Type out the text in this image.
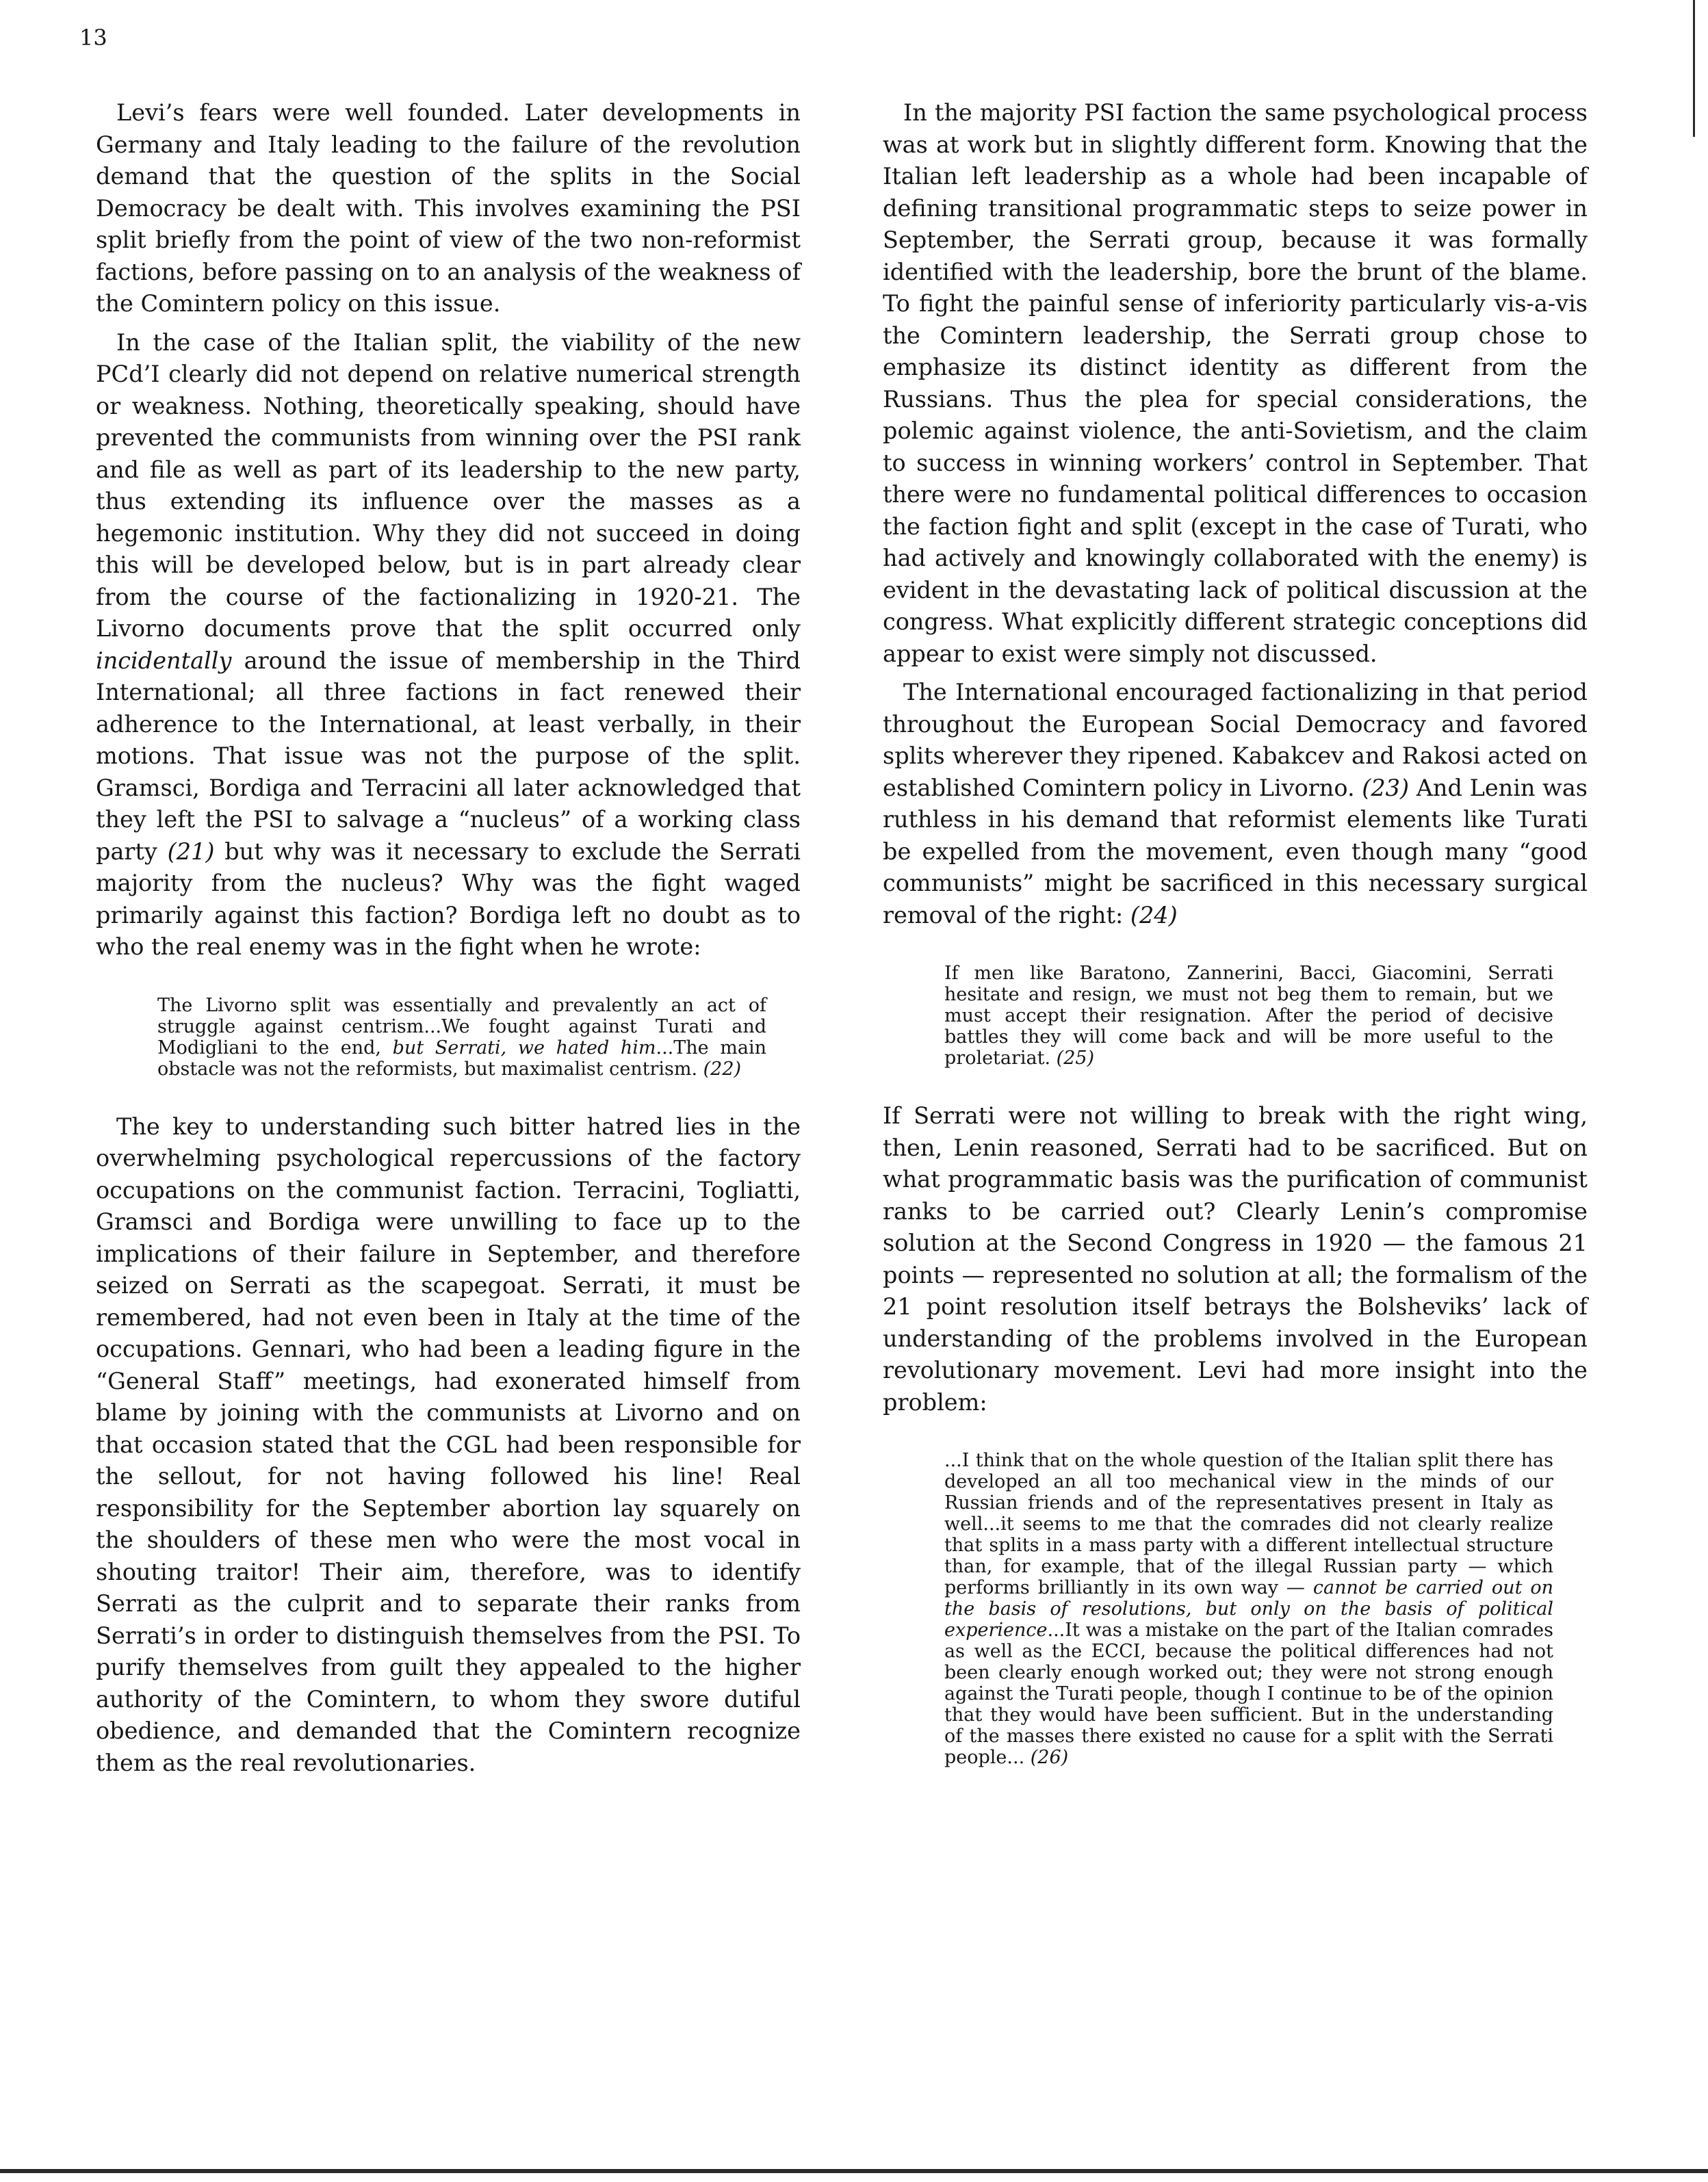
13

Levi’s fears were well founded. Later developments in Germany and Italy leading to the failure of the revolution demand that the question of the splits in the Social Democracy be dealt with. This involves examining the PSI split briefly from the point of view of the two non-reformist factions, before passing on to an analysis of the weakness of the Comintern policy on this issue.

In the case of the Italian split, the viability of the new PCd’I clearly did not depend on relative numerical strength or weakness. Nothing, theoretically speaking, should have prevented the communists from winning over the PSI rank and file as well as part of its leadership to the new party, thus extending its influence over the masses as a hegemonic institution. Why they did not succeed in doing this will be developed below, but is in part already clear from the course of the factionalizing in 1920-21. The Livorno documents prove that the split occurred only incidentally around the issue of membership in the Third International; all three factions in fact renewed their adherence to the International, at least verbally, in their motions. That issue was not the purpose of the split. Gramsci, Bordiga and Terracini all later acknowledged that they left the PSI to salvage a “nucleus” of a working class party (21) but why was it necessary to exclude the Serrati majority from the nucleus? Why was the fight waged primarily against this faction? Bordiga left no doubt as to who the real enemy was in the fight when he wrote:

The Livorno split was essentially and prevalently an act of struggle against centrism...We fought against Turati and Modigliani to the end, but Serrati, we hated him...The main obstacle was not the reformists, but maximalist centrism. (22)

The key to understanding such bitter hatred lies in the overwhelming psychological repercussions of the factory occupations on the communist faction. Terracini, Togliatti, Gramsci and Bordiga were unwilling to face up to the implications of their failure in September, and therefore seized on Serrati as the scapegoat. Serrati, it must be remembered, had not even been in Italy at the time of the occupations. Gennari, who had been a leading figure in the “General Staff” meetings, had exonerated himself from blame by joining with the communists at Livorno and on that occasion stated that the CGL had been responsible for the sellout, for not having followed his line! Real responsibility for the September abortion lay squarely on the shoulders of these men who were the most vocal in shouting traitor! Their aim, therefore, was to identify Serrati as the culprit and to separate their ranks from Serrati’s in order to distinguish themselves from the PSI. To purify themselves from guilt they appealed to the higher authority of the Comintern, to whom they swore dutiful obedience, and demanded that the Comintern recognize them as the real revolutionaries.

In the majority PSI faction the same psychological process was at work but in slightly different form. Knowing that the Italian left leadership as a whole had been incapable of defining transitional programmatic steps to seize power in September, the Serrati group, because it was formally identified with the leadership, bore the brunt of the blame. To fight the painful sense of inferiority particularly vis-a-vis the Comintern leadership, the Serrati group chose to emphasize its distinct identity as different from the Russians. Thus the plea for special considerations, the polemic against violence, the anti-Sovietism, and the claim to success in winning workers’ control in September. That there were no fundamental political differences to occasion the faction fight and split (except in the case of Turati, who had actively and knowingly collaborated with the enemy) is evident in the devastating lack of political discussion at the congress. What explicitly different strategic conceptions did appear to exist were simply not discussed.

The International encouraged factionalizing in that period throughout the European Social Democracy and favored splits wherever they ripened. Kabakcev and Rakosi acted on established Comintern policy in Livorno. (23) And Lenin was ruthless in his demand that reformist elements like Turati be expelled from the movement, even though many “good communists” might be sacrificed in this necessary surgical removal of the right: (24)

If men like Baratono, Zannerini, Bacci, Giacomini, Serrati hesitate and resign, we must not beg them to remain, but we must accept their resignation. After the period of decisive battles they will come back and will be more useful to the proletariat. (25)

If Serrati were not willing to break with the right wing, then, Lenin reasoned, Serrati had to be sacrificed. But on what programmatic basis was the purification of communist ranks to be carried out? Clearly Lenin’s compromise solution at the Second Congress in 1920 — the famous 21 points — represented no solution at all; the formalism of the 21 point resolution itself betrays the Bolsheviks’ lack of understanding of the problems involved in the European revolutionary movement. Levi had more insight into the problem:

...I think that on the whole question of the Italian split there has developed an all too mechanical view in the minds of our Russian friends and of the representatives present in Italy as well...it seems to me that the comrades did not clearly realize that splits in a mass party with a different intellectual structure than, for example, that of the illegal Russian party — which performs brilliantly in its own way — cannot be carried out on the basis of resolutions, but only on the basis of political experience...It was a mistake on the part of the Italian comrades as well as the ECCI, because the political differences had not been clearly enough worked out; they were not strong enough against the Turati people, though I continue to be of the opinion that they would have been sufficient. But in the understanding of the masses there existed no cause for a split with the Serrati people... (26)
